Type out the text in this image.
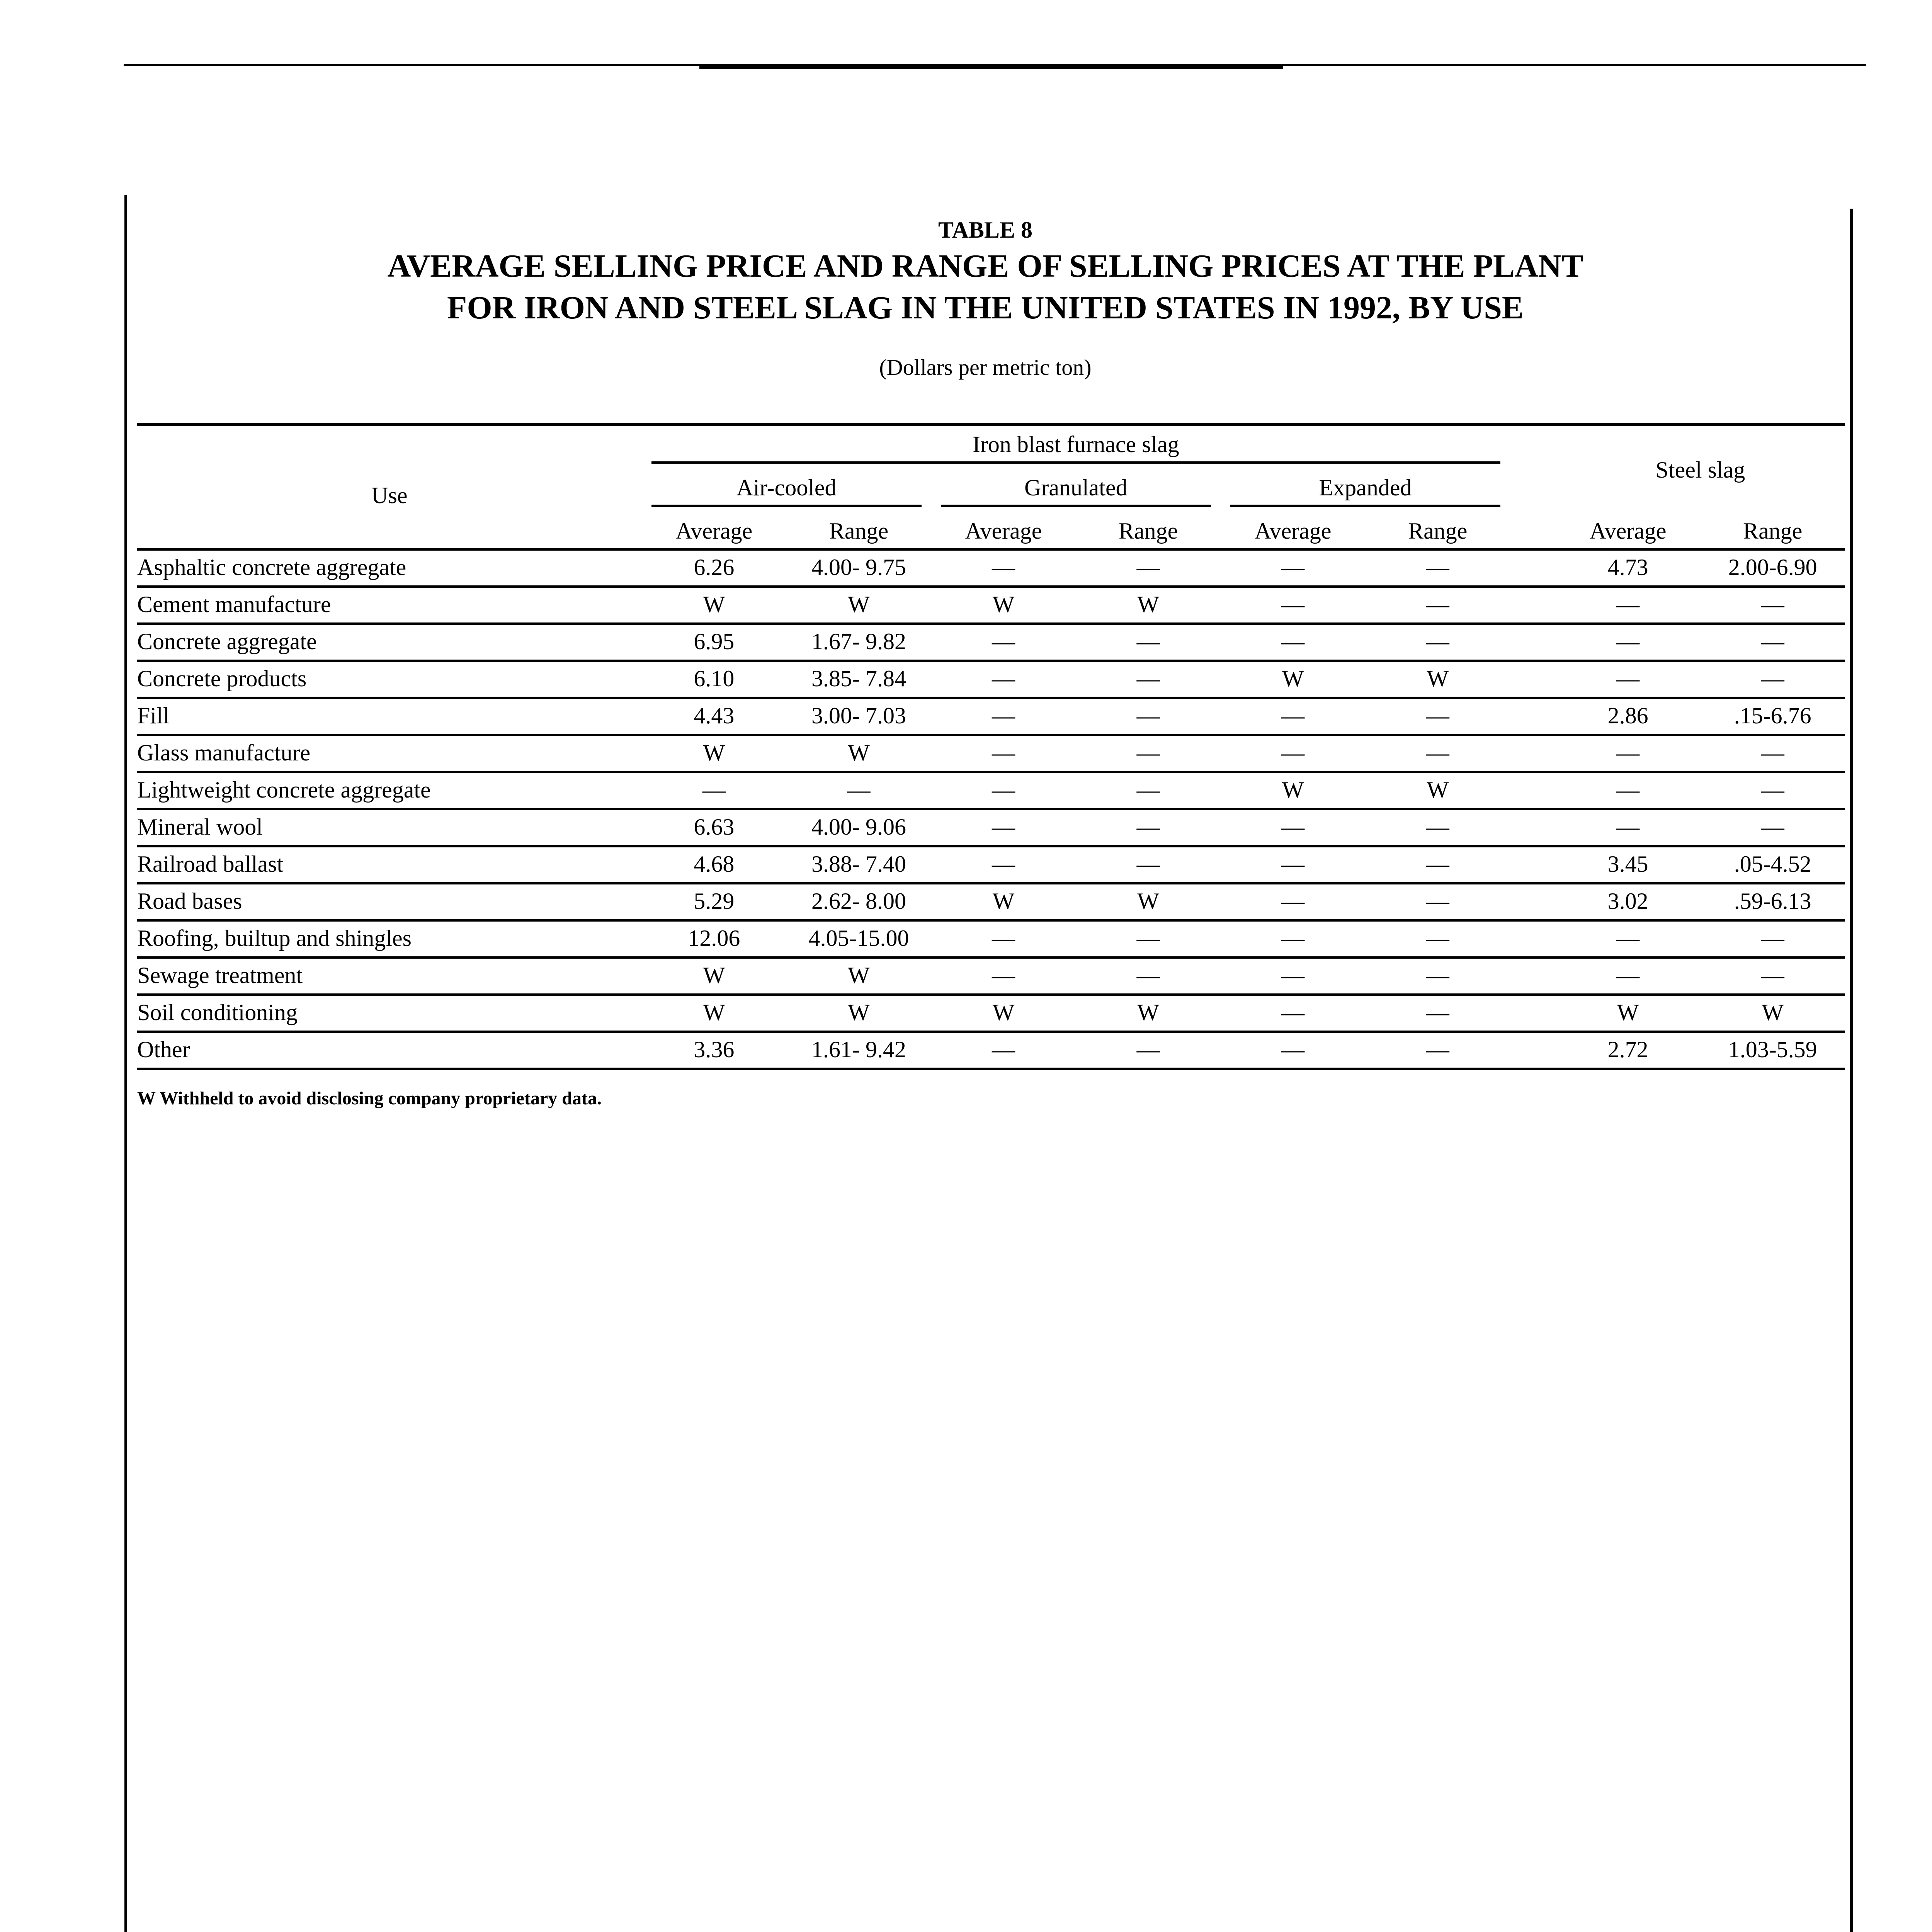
TABLE 8
AVERAGE SELLING PRICE AND RANGE OF SELLING PRICES AT THE PLANT
FOR IRON AND STEEL SLAG IN THE UNITED STATES IN 1992, BY USE
(Dollars per metric ton)
Use	Iron blast furnace slag							Steel slag	

	Air-cooled		Granulated		Expanded				

	Average	Range	Average	Range	Average	Range		Average	Range
Asphaltic concrete aggregate	6.26	4.00- 9.75	—	—	—	—		4.73	2.00-6.90
Cement manufacture	W	W	W	W	—	—		—	—
Concrete aggregate	6.95	1.67- 9.82	—	—	—	—		—	—
Concrete products	6.10	3.85- 7.84	—	—	W	W		—	—
Fill	4.43	3.00- 7.03	—	—	—	—		2.86	.15-6.76
Glass manufacture	W	W	—	—	—	—		—	—
Lightweight concrete aggregate	—	—	—	—	W	W		—	—
Mineral wool	6.63	4.00- 9.06	—	—	—	—		—	—
Railroad ballast	4.68	3.88- 7.40	—	—	—	—		3.45	.05-4.52
Road bases	5.29	2.62- 8.00	W	W	—	—		3.02	.59-6.13
Roofing, builtup and shingles	12.06	4.05-15.00	—	—	—	—		—	—
Sewage treatment	W	W	—	—	—	—		—	—
Soil conditioning	W	W	W	W	—	—		W	W
Other	3.36	1.61- 9.42	—	—	—	—		2.72	1.03-5.59
W Withheld to avoid disclosing company proprietary data.
